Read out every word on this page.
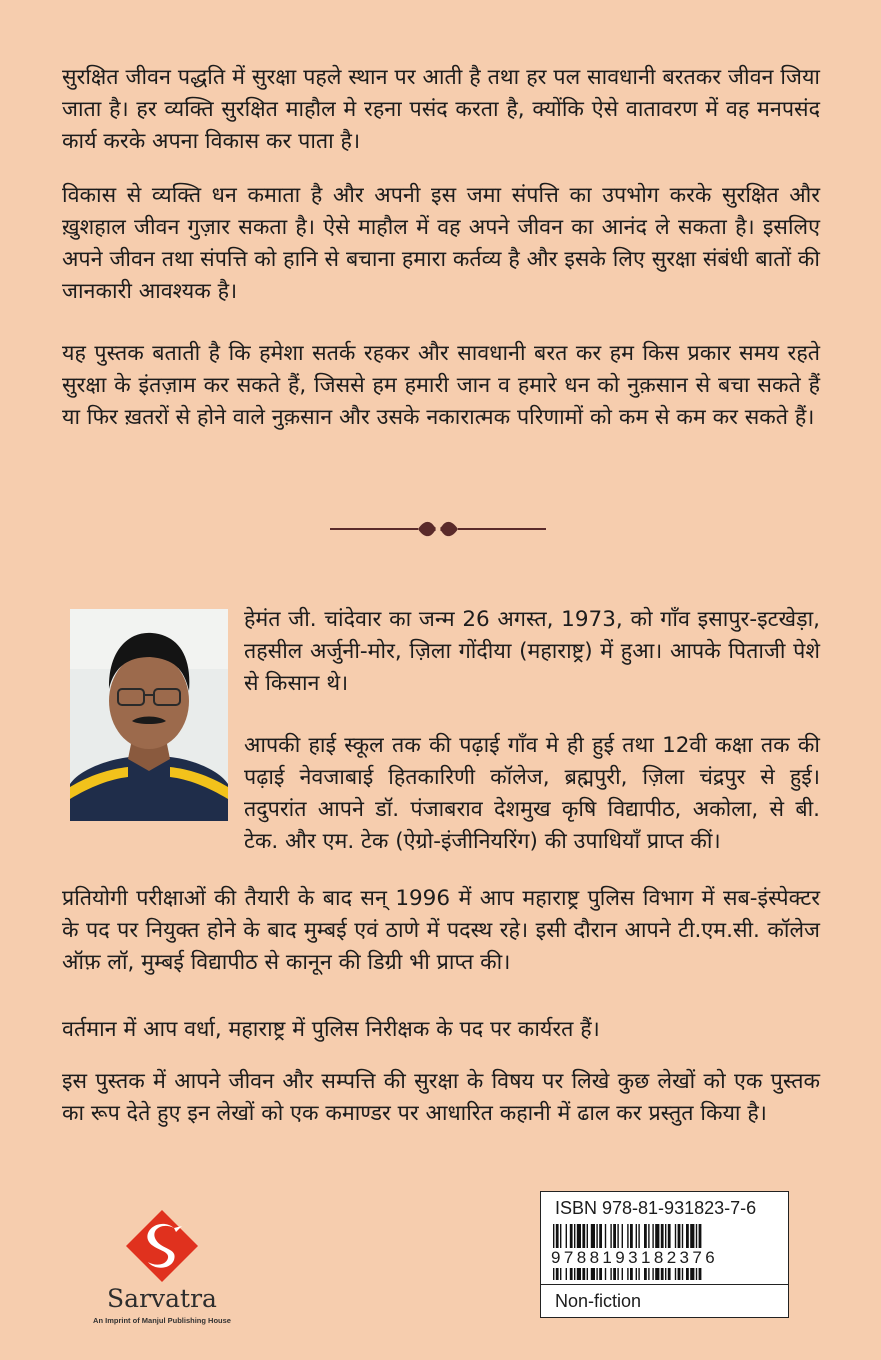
सुरक्षित जीवन पद्धति में सुरक्षा पहले स्थान पर आती है तथा हर पल सावधानी बरतकर जीवन जिया जाता है। हर व्यक्ति सुरक्षित माहौल मे रहना पसंद करता है, क्योंकि ऐसे वातावरण में वह मनपसंद कार्य करके अपना विकास कर पाता है।

विकास से व्यक्ति धन कमाता है और अपनी इस जमा संपत्ति का उपभोग करके सुरक्षित और ख़ुशहाल जीवन गुज़ार सकता है। ऐसे माहौल में वह अपने जीवन का आनंद ले सकता है। इसलिए अपने जीवन तथा संपत्ति को हानि से बचाना हमारा कर्तव्य है और इसके लिए सुरक्षा संबंधी बातों की जानकारी आवश्यक है।

यह पुस्तक बताती है कि हमेशा सतर्क रहकर और सावधानी बरत कर हम किस प्रकार समय रहते सुरक्षा के इंतज़ाम कर सकते हैं, जिससे हम हमारी जान व हमारे धन को नुक़सान से बचा सकते हैं या फिर ख़तरों से होने वाले नुक़सान और उसके नकारात्मक परिणामों को कम से कम कर सकते हैं।

हेमंत जी. चांदेवार का जन्म 26 अगस्त, 1973, को गाँव इसापुर-इटखेड़ा, तहसील अर्जुनी-मोर, ज़िला गोंदीया (महाराष्ट्र) में हुआ। आपके पिताजी पेशे से किसान थे।

आपकी हाई स्कूल तक की पढ़ाई गाँव मे ही हुई तथा 12वी कक्षा तक की पढ़ाई नेवजाबाई हितकारिणी कॉलेज, ब्रह्मपुरी, ज़िला चंद्रपुर से हुई। तदुपरांत आपने डॉ. पंजाबराव देशमुख कृषि विद्यापीठ, अकोला, से बी. टेक. और एम. टेक (ऐग्रो-इंजीनियरिंग) की उपाधियाँ प्राप्त कीं।

प्रतियोगी परीक्षाओं की तैयारी के बाद सन् 1996 में आप महाराष्ट्र पुलिस विभाग में सब-इंस्पेक्टर के पद पर नियुक्त होने के बाद मुम्बई एवं ठाणे में पदस्थ रहे। इसी दौरान आपने टी.एम.सी. कॉलेज ऑफ़ लॉ, मुम्बई विद्यापीठ से कानून की डिग्री भी प्राप्त की।

वर्तमान में आप वर्धा, महाराष्ट्र में पुलिस निरीक्षक के पद पर कार्यरत हैं।

इस पुस्तक में आपने जीवन और सम्पत्ति की सुरक्षा के विषय पर लिखे कुछ लेखों को एक पुस्तक का रूप देते हुए इन लेखों को एक कमाण्डर पर आधारित कहानी में ढाल कर प्रस्तुत किया है।

Sarvatra
An Imprint of Manjul Publishing House
ISBN 978-81-931823-7-6
9788193182376
Non-fiction
